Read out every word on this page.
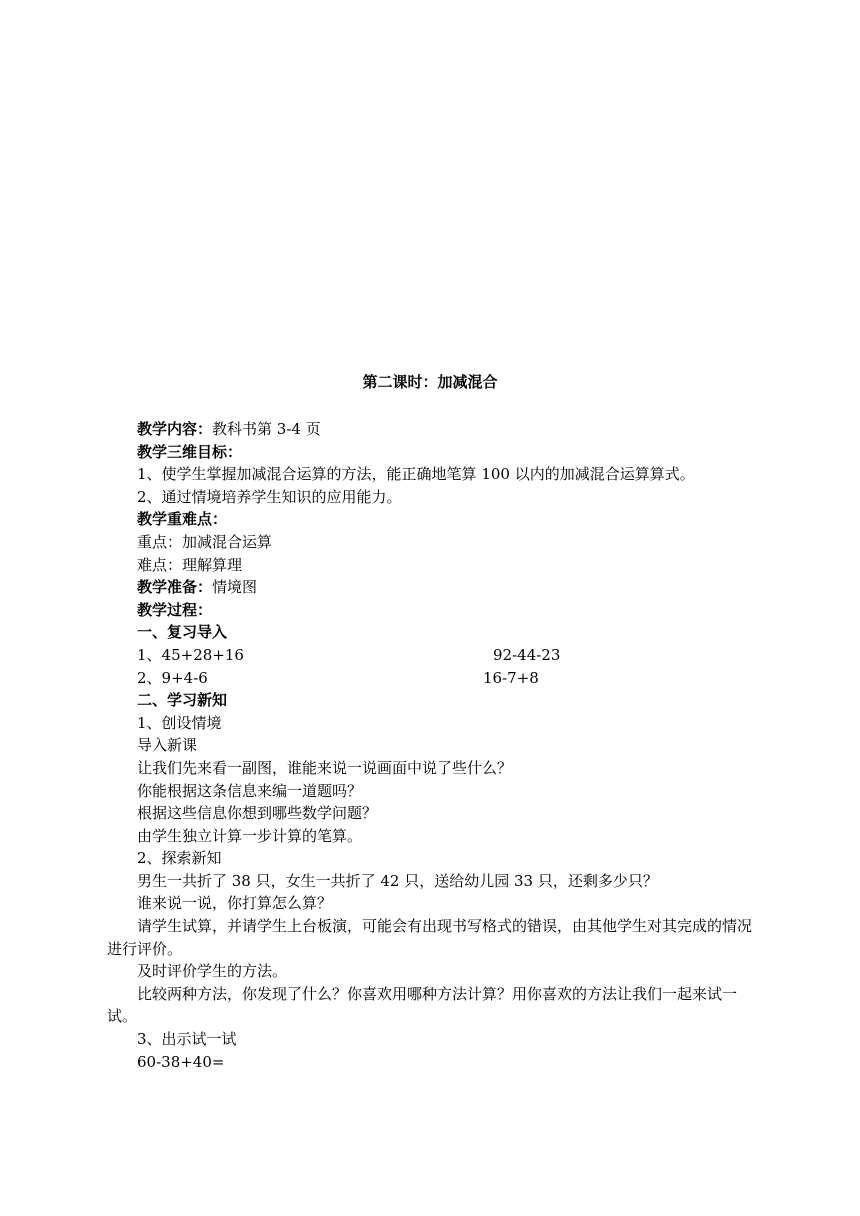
第二课时：加减混合
教学内容：教科书第 3-4 页
教学三维目标：
1、使学生掌握加减混合运算的方法，能正确地笔算 100 以内的加减混合运算算式。
2、通过情境培养学生知识的应用能力。
教学重难点：
重点：加减混合运算
难点：理解算理
教学准备：情境图
教学过程：
一、复习导入
1、45+28+16	92-44-23
2、9+4-6	16-7+8
二、学习新知
1、创设情境
导入新课
让我们先来看一副图，谁能来说一说画面中说了些什么？
你能根据这条信息来编一道题吗？
根据这些信息你想到哪些数学问题？
由学生独立计算一步计算的笔算。
2、探索新知
男生一共折了 38 只，女生一共折了 42 只，送给幼儿园 33 只，还剩多少只？
谁来说一说，你打算怎么算？
请学生试算，并请学生上台板演，可能会有出现书写格式的错误，由其他学生对其完成的情况进行评价。
及时评价学生的方法。
比较两种方法，你发现了什么？你喜欢用哪种方法计算？用你喜欢的方法让我们一起来试一试。
3、出示试一试
60-38+40=
